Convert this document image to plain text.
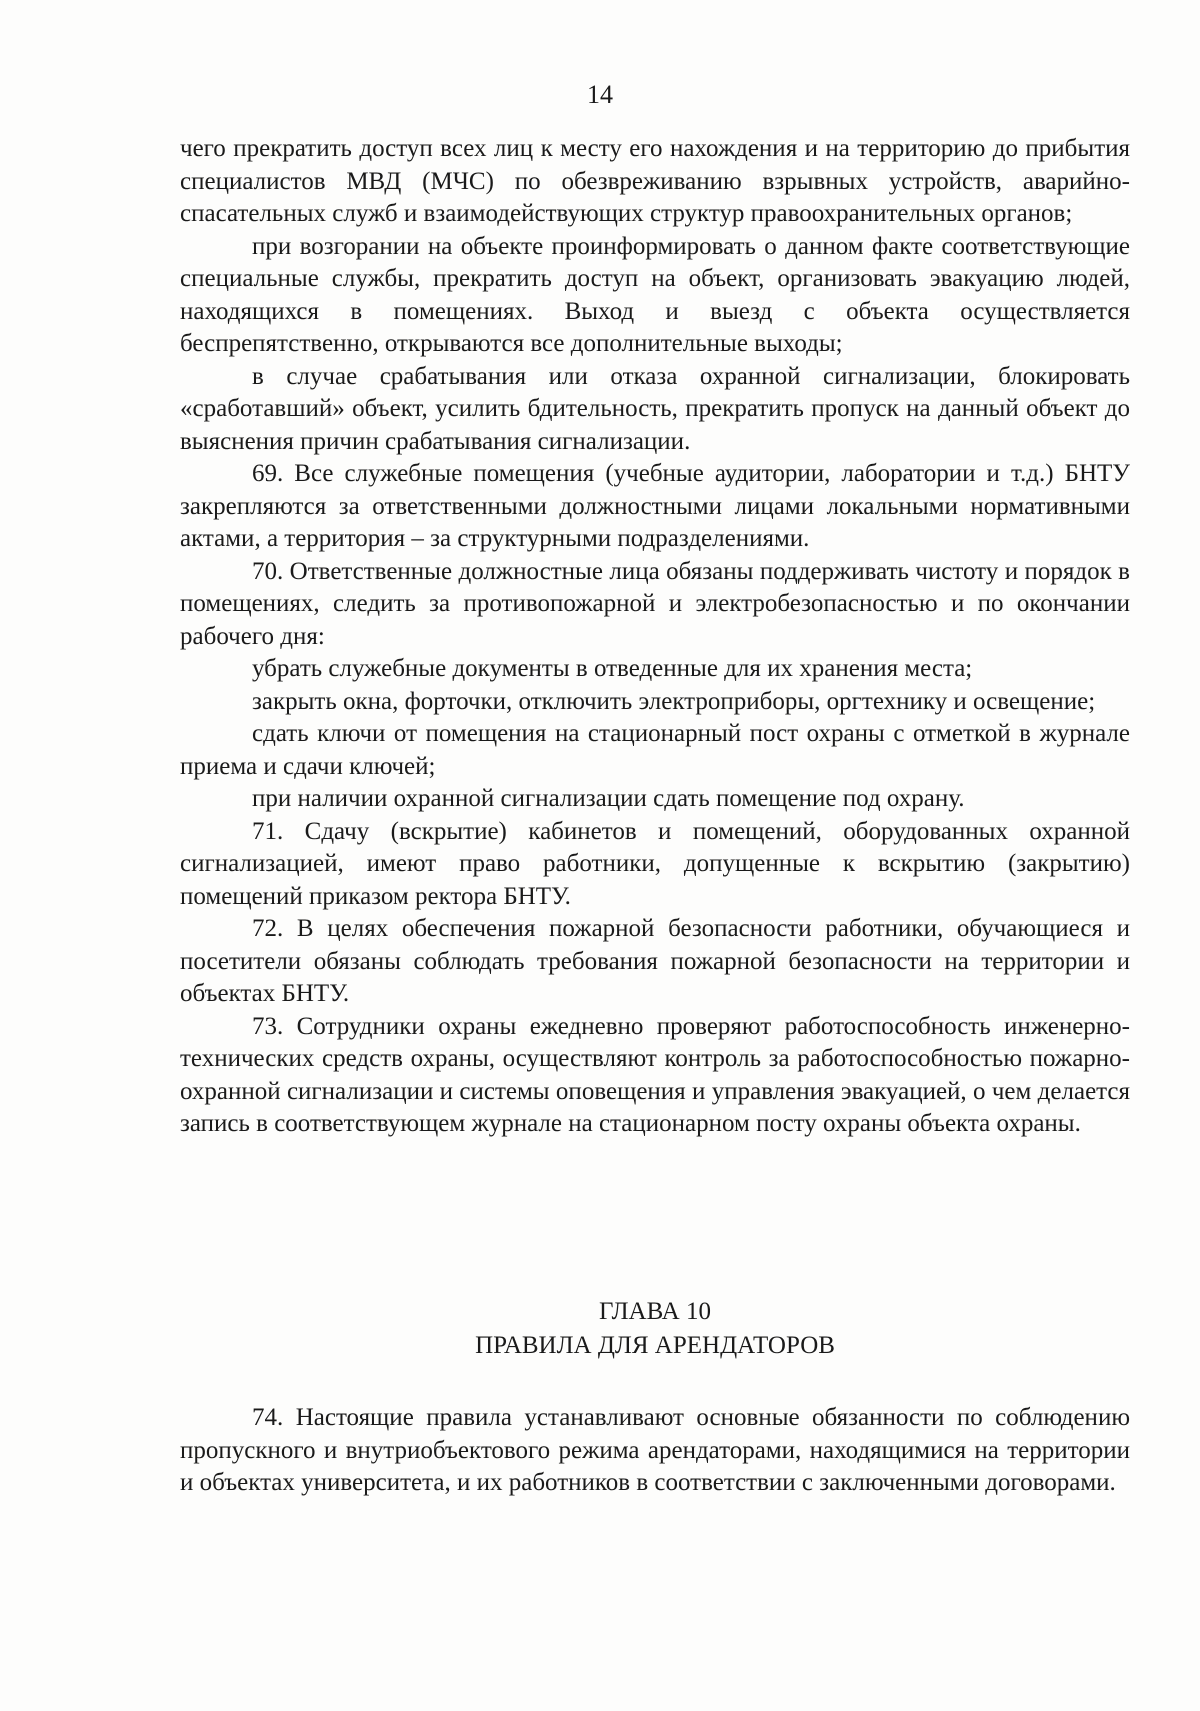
14

чего прекратить доступ всех лиц к месту его нахождения и на территорию до прибытия специалистов МВД (МЧС) по обезвреживанию взрывных устройств, аварийно-спасательных служб и взаимодействующих структур правоохранительных органов;

при возгорании на объекте проинформировать о данном факте соответствующие специальные службы, прекратить доступ на объект, организовать эвакуацию людей, находящихся в помещениях. Выход и выезд с объекта осуществляется беспрепятственно, открываются все дополнительные выходы;

в случае срабатывания или отказа охранной сигнализации, блокировать «сработавший» объект, усилить бдительность, прекратить пропуск на данный объект до выяснения причин срабатывания сигнализации.

69. Все служебные помещения (учебные аудитории, лаборатории и т.д.) БНТУ закрепляются за ответственными должностными лицами локальными нормативными актами, а территория – за структурными подразделениями.

70. Ответственные должностные лица обязаны поддерживать чистоту и порядок в помещениях, следить за противопожарной и электробезопасностью и по окончании рабочего дня:

убрать служебные документы в отведенные для их хранения места;

закрыть окна, форточки, отключить электроприборы, оргтехнику и освещение;

сдать ключи от помещения на стационарный пост охраны с отметкой в журнале приема и сдачи ключей;

при наличии охранной сигнализации сдать помещение под охрану.

71. Сдачу (вскрытие) кабинетов и помещений, оборудованных охранной сигнализацией, имеют право работники, допущенные к вскрытию (закрытию) помещений приказом ректора БНТУ.

72. В целях обеспечения пожарной безопасности работники, обучающиеся и посетители обязаны соблюдать требования пожарной безопасности на территории и объектах БНТУ.

73. Сотрудники охраны ежедневно проверяют работоспособность инженерно-технических средств охраны, осуществляют контроль за работоспособностью пожарно-охранной сигнализации и системы оповещения и управления эвакуацией, о чем делается запись в соответствующем журнале на стационарном посту охраны объекта охраны.

ГЛАВА 10
ПРАВИЛА ДЛЯ АРЕНДАТОРОВ

74. Настоящие правила устанавливают основные обязанности по соблюдению пропускного и внутриобъектового режима арендаторами, находящимися на территории и объектах университета, и их работников в соответствии с заключенными договорами.
